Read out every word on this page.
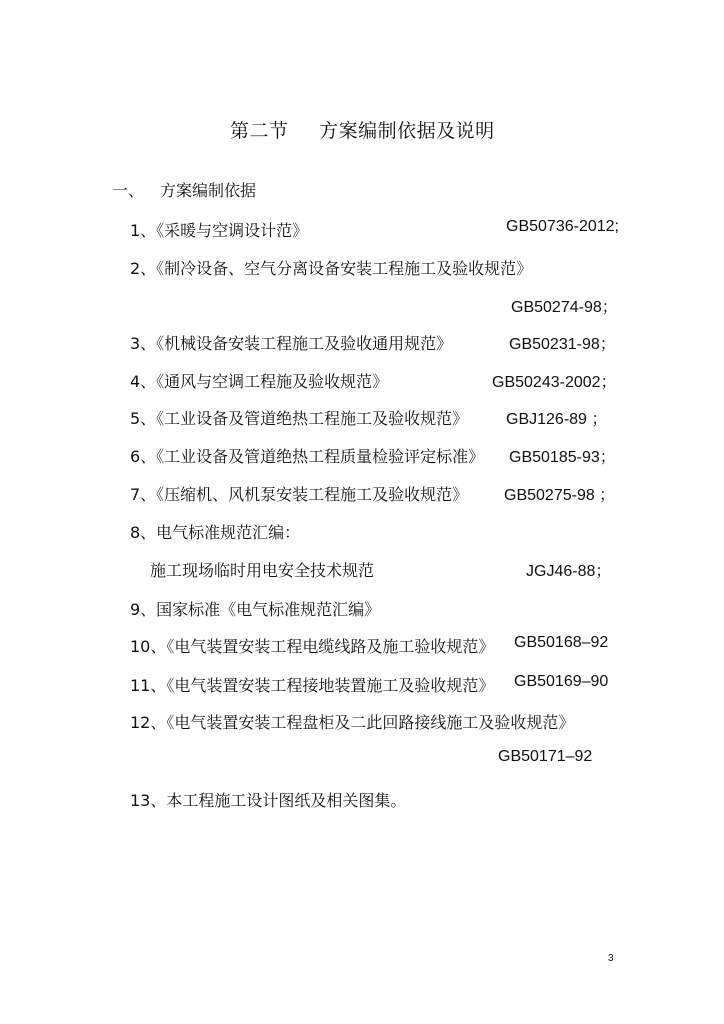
第二节 方案编制依据及说明
一、 方案编制依据
1、《采暖与空调设计范》	GB50736-2012;
2、《制冷设备、空气分离设备安装工程施工及验收规范》
GB50274-98；
3、《机械设备安装工程施工及验收通用规范》	GB50231-98；
4、《通风与空调工程施及验收规范》	GB50243-2002；
5、《工业设备及管道绝热工程施工及验收规范》 GBJ126-89 ；
6、《工业设备及管道绝热工程质量检验评定标准》 GB50185-93；
7、《压缩机、风机泵安装工程施工及验收规范》 GB50275-98 ；
8、电气标准规范汇编：
施工现场临时用电安全技术规范	JGJ46-88；
9、国家标准《电气标准规范汇编》
10、《电气装置安装工程电缆线路及施工验收规范》 GB50168–92
11、《电气装置安装工程接地装置施工及验收规范》 GB50169–90
12、《电气装置安装工程盘柜及二此回路接线施工及验收规范》
GB50171–92
13、本工程施工设计图纸及相关图集。
3
